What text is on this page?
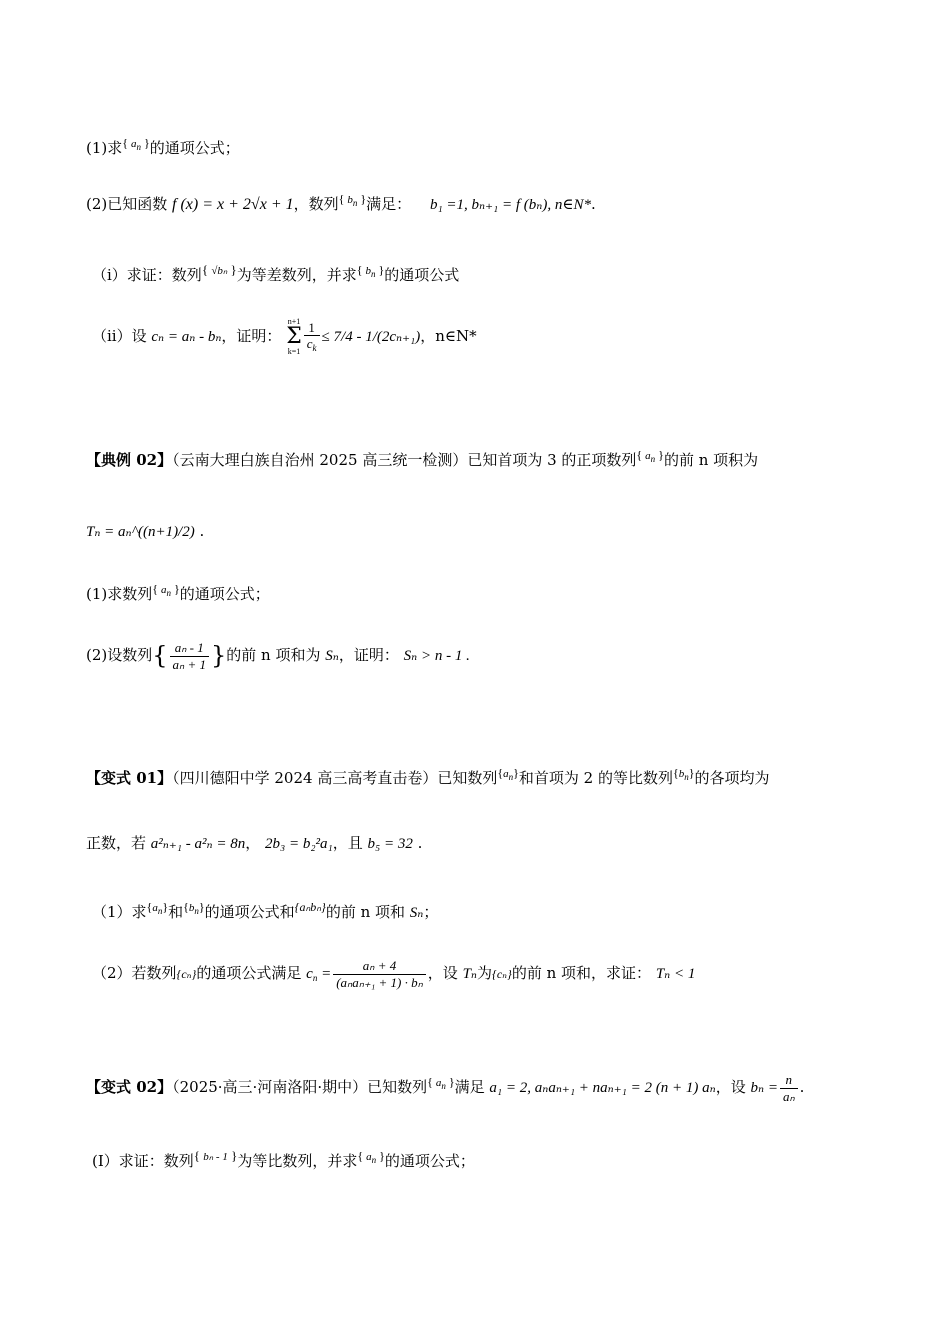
(1)求{ $a_n$ }的通项公式；
(2)已知函数 f (x) = x + 2√x + 1，数列{ $b_n$ }满足： b₁ =1, bₙ₊₁ = f (bₙ), n∈N*.
（i）求证：数列{ √bₙ }为等差数列，并求{ $b_n$ }的通项公式
（ii）设 cₙ = aₙ - bₙ，证明： n+1
Σ
$k=1 \frac{1}{c_k} \le 7/4 - 1/(2c_{n+1})$，n∈N*
【典例 02】（云南大理白族自治州 2025 高三统一检测）已知首项为 3 的正项数列{ $a_n$ }的前 n 项积为
Tₙ = aₙ^((n+1)/2) .
(1)求数列{ $a_n$ }的通项公式；
(2)设数列{ $\frac{\text{aₙ - 1}}{\text{aₙ + 1}}$ }的前 n 项和为 Sₙ，证明： Sₙ > n - 1 .
【变式 01】（四川德阳中学 2024 高三高考直击卷）已知数列$\{a_n\}$和首项为 2 的等比数列$\{b_n\}$的各项均为
正数，若 a²ₙ₊₁ - a²ₙ = 8n， 2b₃ = b₂²a₁，且 b₅ = 32 .
（1）求$\{a_n\}$和$\{b_n\}$的通项公式和{aₙbₙ}的前 n 项和 Sₙ；
（2）若数列{cₙ}的通项公式满足 $c_n = \frac{\text{aₙ + 4}}{\text{(aₙaₙ₊₁ + 1) · bₙ}}$ ，设 Tₙ为{cₙ}的前 n 项和，求证： Tₙ < 1
【变式 02】（2025·高三·河南洛阳·期中）已知数列{ $a_n$ }满足 a₁ = 2, aₙaₙ₊₁ + naₙ₊₁ = 2 (n + 1) aₙ，设 $b_n = \frac{n}{\text{aₙ}}$ .
(I）求证：数列{ bₙ - 1 }为等比数列，并求{ $a_n$ }的通项公式；
